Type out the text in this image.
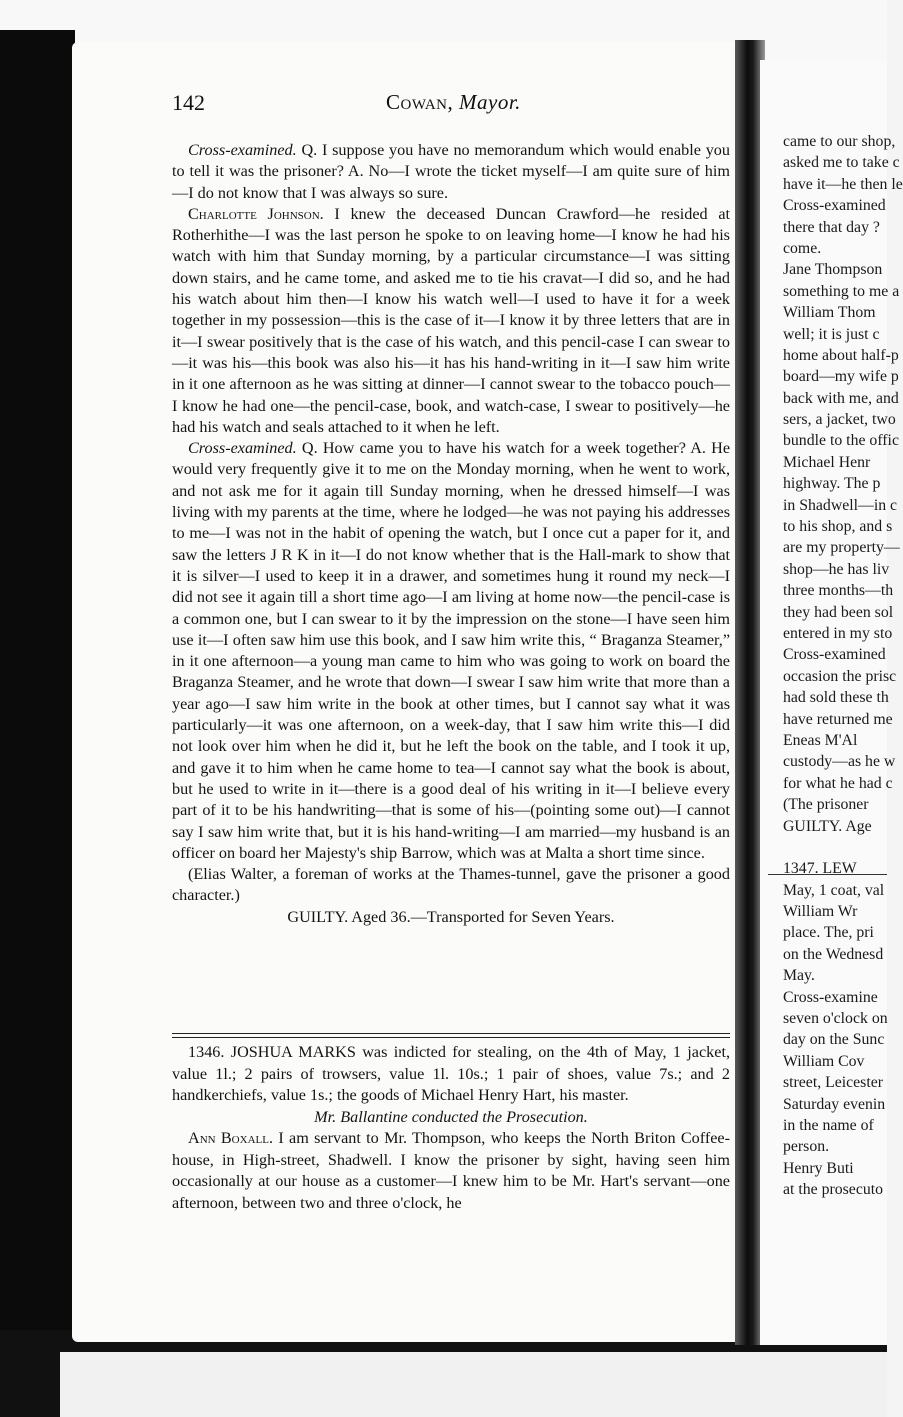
142	Cowan, Mayor.

Cross-examined. Q. I suppose you have no memorandum which would enable you to tell it was the prisoner? A. No—I wrote the ticket myself—I am quite sure of him—I do not know that I was always so sure.

Charlotte Johnson. I knew the deceased Duncan Crawford—he resided at Rotherhithe—I was the last person he spoke to on leaving home—I know he had his watch with him that Sunday morning, by a particular circumstance—I was sitting down stairs, and he came tome, and asked me to tie his cravat—I did so, and he had his watch about him then—I know his watch well—I used to have it for a week together in my possession—this is the case of it—I know it by three letters that are in it—I swear positively that is the case of his watch, and this pencil-case I can swear to—it was his—this book was also his—it has his hand-writing in it—I saw him write in it one afternoon as he was sitting at dinner—I cannot swear to the tobacco pouch—I know he had one—the pencil-case, book, and watch-case, I swear to positively—he had his watch and seals attached to it when he left.

Cross-examined. Q. How came you to have his watch for a week together? A. He would very frequently give it to me on the Monday morning, when he went to work, and not ask me for it again till Sunday morning, when he dressed himself—I was living with my parents at the time, where he lodged—he was not paying his addresses to me—I was not in the habit of opening the watch, but I once cut a paper for it, and saw the letters J R K in it—I do not know whether that is the Hall-mark to show that it is silver—I used to keep it in a drawer, and sometimes hung it round my neck—I did not see it again till a short time ago—I am living at home now—the pencil-case is a common one, but I can swear to it by the impression on the stone—I have seen him use it—I often saw him use this book, and I saw him write this, “ Braganza Steamer,” in it one afternoon—a young man came to him who was going to work on board the Braganza Steamer, and he wrote that down—I swear I saw him write that more than a year ago—I saw him write in the book at other times, but I cannot say what it was particularly—it was one afternoon, on a week-day, that I saw him write this—I did not look over him when he did it, but he left the book on the table, and I took it up, and gave it to him when he came home to tea—I cannot say what the book is about, but he used to write in it—there is a good deal of his writing in it—I believe every part of it to be his handwriting—that is some of his—(pointing some out)—I cannot say I saw him write that, but it is his hand-writing—I am married—my husband is an officer on board her Majesty's ship Barrow, which was at Malta a short time since.

(Elias Walter, a foreman of works at the Thames-tunnel, gave the prisoner a good character.)

GUILTY. Aged 36.—Transported for Seven Years.

1346. JOSHUA MARKS was indicted for stealing, on the 4th of May, 1 jacket, value 1l.; 2 pairs of trowsers, value 1l. 10s.; 1 pair of shoes, value 7s.; and 2 handkerchiefs, value 1s.; the goods of Michael Henry Hart, his master.

Mr. Ballantine conducted the Prosecution.

Ann Boxall. I am servant to Mr. Thompson, who keeps the North Briton Coffee-house, in High-street, Shadwell. I know the prisoner by sight, having seen him occasionally at our house as a customer—I knew him to be Mr. Hart's servant—one afternoon, between two and three o'clock, he

came to our shop,
asked me to take c
have it—he then le
Cross-examined
there that day ?
come.
Jane Thompson
something to me a
William Thom
well; it is just c
home about half-p
board—my wife p
back with me, and
sers, a jacket, two
bundle to the offic
Michael Henr
highway. The p
in Shadwell—in c
to his shop, and s
are my property—
shop—he has liv
three months—th
they had been sol
entered in my sto
Cross-examined
occasion the prisc
had sold these th
have returned me
Eneas M'Al
custody—as he w
for what he had c
(The prisoner
GUILTY. Age
1347. LEW
May, 1 coat, val
William Wr
place. The, pri
on the Wednesd
May.
Cross-examine
seven o'clock on
day on the Sunc
William Cov
street, Leicester
Saturday evenin
in the name of
person.
Henry Buti
at the prosecuto
